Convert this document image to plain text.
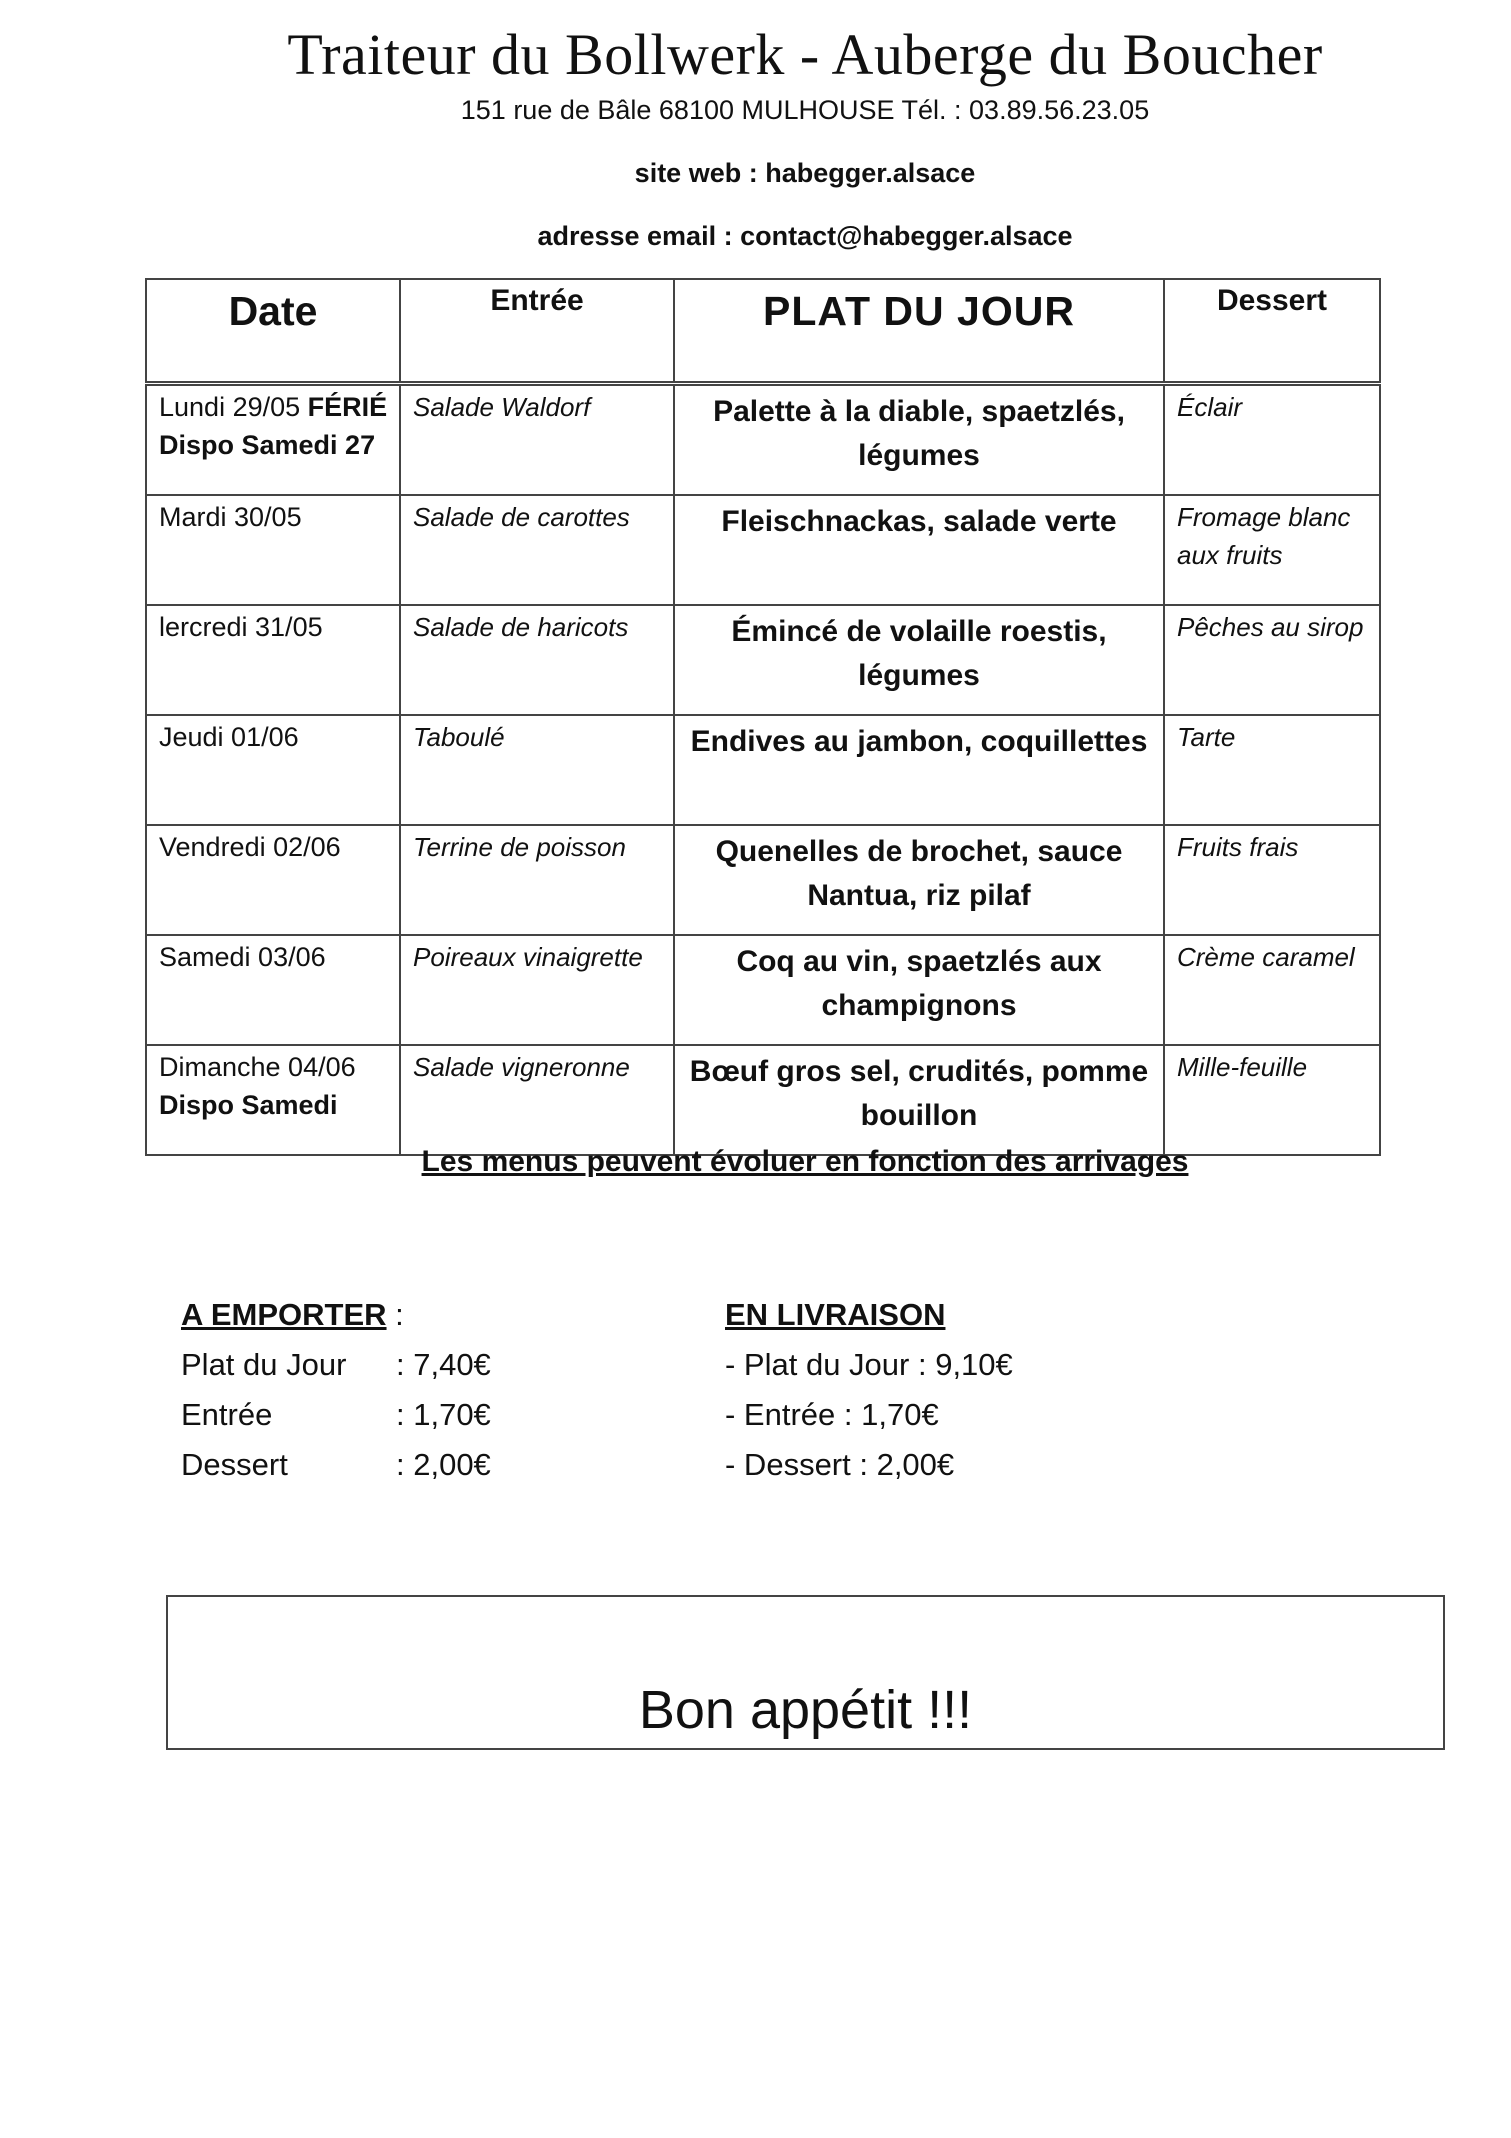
Traiteur du Bollwerk - Auberge du Boucher
151 rue de Bâle 68100 MULHOUSE Tél. : 03.89.56.23.05
site web : habegger.alsace
adresse email : contact@habegger.alsace
Date	Entrée	PLAT DU JOUR	Dessert
Lundi 29/05 FÉRIÉ
Dispo Samedi 27	Salade Waldorf	Palette à la diable, spaetzlés, légumes	Éclair
Mardi 30/05	Salade de carottes	Fleischnackas, salade verte	Fromage blanc aux fruits
lercredi 31/05	Salade de haricots	Émincé de volaille roestis, légumes	Pêches au sirop
Jeudi 01/06	Taboulé	Endives au jambon, coquillettes	Tarte
Vendredi 02/06	Terrine de poisson	Quenelles de brochet, sauce Nantua, riz pilaf	Fruits frais
Samedi 03/06	Poireaux vinaigrette	Coq au vin, spaetzlés aux champignons	Crème caramel
Dimanche 04/06
Dispo Samedi	Salade vigneronne	Bœuf gros sel, crudités, pomme bouillon	Mille-feuille
Les menus peuvent évoluer en fonction des arrivages
A EMPORTER :
Plat du Jour	: 7,40€
Entrée	: 1,70€
Dessert	: 2,00€
EN LIVRAISON
- Plat du Jour : 9,10€
- Entrée : 1,70€
- Dessert : 2,00€
Bon appétit !!!
